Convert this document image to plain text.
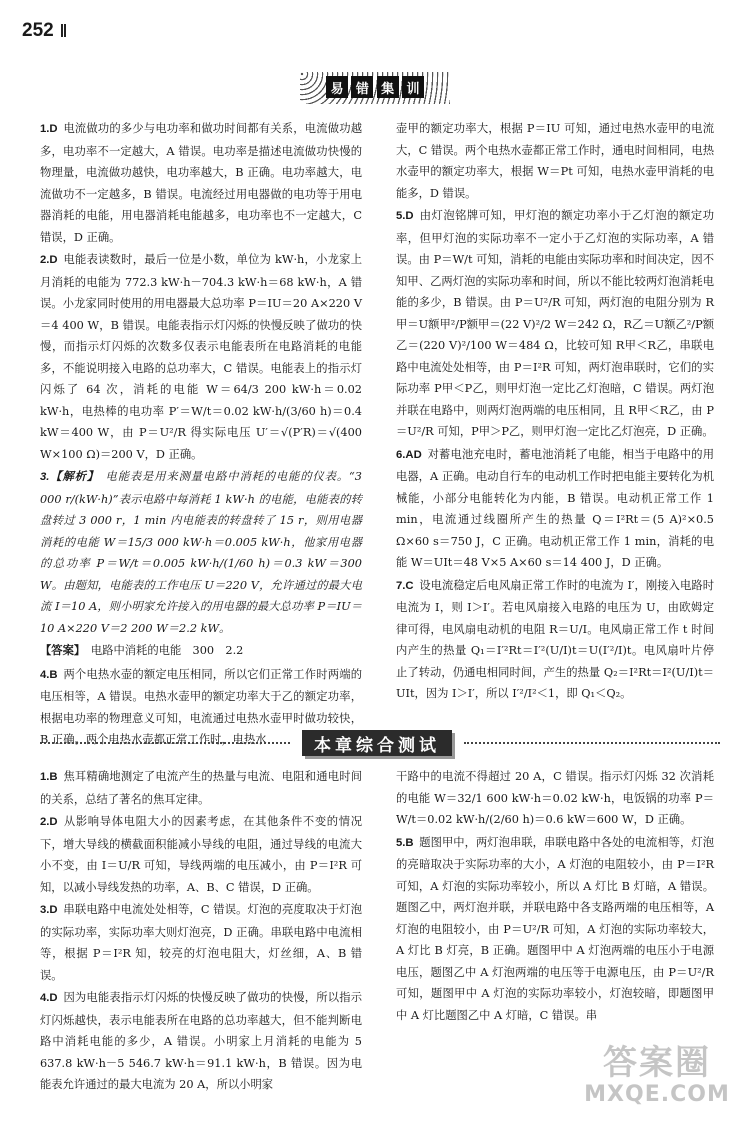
252
易 错 集 训

1.D  电流做功的多少与电功率和做功时间都有关系，电流做功越多，电功率不一定越大，A 错误。电功率是描述电流做功快慢的物理量，电流做功越快，电功率越大，B 正确。电功率越大，电流做功不一定越多，B 错误。电流经过用电器做的电功等于用电器消耗的电能，用电器消耗电能越多，电功率也不一定越大，C 错误，D 正确。

2.D  电能表读数时，最后一位是小数，单位为 kW·h，小龙家上月消耗的电能为 772.3 kW·h－704.3 kW·h＝68 kW·h，A 错误。小龙家同时使用的用电器最大总功率 P＝IU＝20 A×220 V＝4 400 W，B 错误。电能表指示灯闪烁的快慢反映了做功的快慢，而指示灯闪烁的次数多仅表示电能表所在电路消耗的电能多，不能说明接入电路的总功率大，C 错误。电能表上的指示灯闪烁了 64 次，消耗的电能 W＝64/3 200 kW·h＝0.02 kW·h，电热棒的电功率 P′＝W/t＝0.02 kW·h/(3/60 h)＝0.4 kW＝400 W，由 P＝U²/R 得实际电压 U′＝√(P′R)＝√(400 W×100 Ω)＝200 V，D 正确。

3.【解析】  电能表是用来测量电路中消耗的电能的仪表。“3 000 r/(kW·h)”表示电路中每消耗 1 kW·h 的电能，电能表的转盘转过 3 000 r，1 min 内电能表的转盘转了 15 r，则用电器消耗的电能 W＝15/3 000 kW·h＝0.005 kW·h，他家用电器的总功率 P＝W/t＝0.005 kW·h/(1/60 h)＝0.3 kW＝300 W。由题知，电能表的工作电压 U＝220 V，允许通过的最大电流 I＝10 A，则小明家允许接入的用电器的最大总功率 P＝IU＝10 A×220 V＝2 200 W＝2.2 kW。

【答案】  电路中消耗的电能　300　2.2

4.B  两个电热水壶的额定电压相同，所以它们正常工作时两端的电压相等，A 错误。电热水壶甲的额定功率大于乙的额定功率，根据电功率的物理意义可知，电流通过电热水壶甲时做功较快，B 正确。两个电热水壶都正常工作时，电热水

壶甲的额定功率大，根据 P＝IU 可知，通过电热水壶甲的电流大，C 错误。两个电热水壶都正常工作时，通电时间相同，电热水壶甲的额定功率大，根据 W＝Pt 可知，电热水壶甲消耗的电能多，D 错误。

5.D  由灯泡铭牌可知，甲灯泡的额定功率小于乙灯泡的额定功率，但甲灯泡的实际功率不一定小于乙灯泡的实际功率，A 错误。由 P＝W/t 可知，消耗的电能由实际功率和时间决定，因不知甲、乙两灯泡的实际功率和时间，所以不能比较两灯泡消耗电能的多少，B 错误。由 P＝U²/R 可知，两灯泡的电阻分别为 R甲＝U额甲²/P额甲＝(22 V)²/2 W＝242 Ω，R乙＝U额乙²/P额乙＝(220 V)²/100 W＝484 Ω，比较可知 R甲＜R乙，串联电路中电流处处相等，由 P＝I²R 可知，两灯泡串联时，它们的实际功率 P甲＜P乙，则甲灯泡一定比乙灯泡暗，C 错误。两灯泡并联在电路中，则两灯泡两端的电压相同，且 R甲＜R乙，由 P＝U²/R 可知，P甲＞P乙，则甲灯泡一定比乙灯泡亮，D 正确。

6.AD  对蓄电池充电时，蓄电池消耗了电能，相当于电路中的用电器，A 正确。电动自行车的电动机工作时把电能主要转化为机械能，小部分电能转化为内能，B 错误。电动机正常工作 1 min，电流通过线圈所产生的热量 Q＝I²Rt＝(5 A)²×0.5 Ω×60 s＝750 J，C 正确。电动机正常工作 1 min，消耗的电能 W＝UIt＝48 V×5 A×60 s＝14 400 J，D 正确。

7.C  设电流稳定后电风扇正常工作时的电流为 I′，刚接入电路时电流为 I，则 I＞I′。若电风扇接入电路的电压为 U，由欧姆定律可得，电风扇电动机的电阻 R＝U/I。电风扇正常工作 t 时间内产生的热量 Q₁＝I′²Rt＝I′²(U/I)t＝U(I′²/I)t。电风扇叶片停止了转动，仍通电相同时间，产生的热量 Q₂＝I²Rt＝I²(U/I)t＝UIt，因为 I＞I′，所以 I′²/I²＜1，即 Q₁＜Q₂。

本章综合测试

1.B  焦耳精确地测定了电流产生的热量与电流、电阻和通电时间的关系，总结了著名的焦耳定律。

2.D  从影响导体电阻大小的因素考虑，在其他条件不变的情况下，增大导线的横截面积能减小导线的电阻，通过导线的电流大小不变，由 I＝U/R 可知，导线两端的电压减小，由 P＝I²R 可知，以减小导线发热的功率，A、B、C 错误，D 正确。

3.D  串联电路中电流处处相等，C 错误。灯泡的亮度取决于灯泡的实际功率，实际功率大则灯泡亮，D 正确。串联电路中电流相等，根据 P＝I²R 知，较亮的灯泡电阻大，灯丝细，A、B 错误。

4.D  因为电能表指示灯闪烁的快慢反映了做功的快慢，所以指示灯闪烁越快，表示电能表所在电路的总功率越大，但不能判断电路中消耗电能的多少，A 错误。小明家上月消耗的电能为 5 637.8 kW·h－5 546.7 kW·h＝91.1 kW·h，B 错误。因为电能表允许通过的最大电流为 20 A，所以小明家

干路中的电流不得超过 20 A，C 错误。指示灯闪烁 32 次消耗的电能 W＝32/1 600 kW·h＝0.02 kW·h，电饭锅的功率 P＝W/t＝0.02 kW·h/(2/60 h)＝0.6 kW＝600 W，D 正确。

5.B  题图甲中，两灯泡串联，串联电路中各处的电流相等，灯泡的亮暗取决于实际功率的大小，A 灯泡的电阻较小，由 P＝I²R 可知，A 灯泡的实际功率较小，所以 A 灯比 B 灯暗，A 错误。题图乙中，两灯泡并联，并联电路中各支路两端的电压相等，A 灯泡的电阻较小，由 P＝U²/R 可知，A 灯泡的实际功率较大，A 灯比 B 灯亮，B 正确。题图甲中 A 灯泡两端的电压小于电源电压，题图乙中 A 灯泡两端的电压等于电源电压，由 P＝U²/R 可知，题图甲中 A 灯泡的实际功率较小，灯泡较暗，即题图甲中 A 灯比题图乙中 A 灯暗，C 错误。串

答案圈
MXQE.COM
